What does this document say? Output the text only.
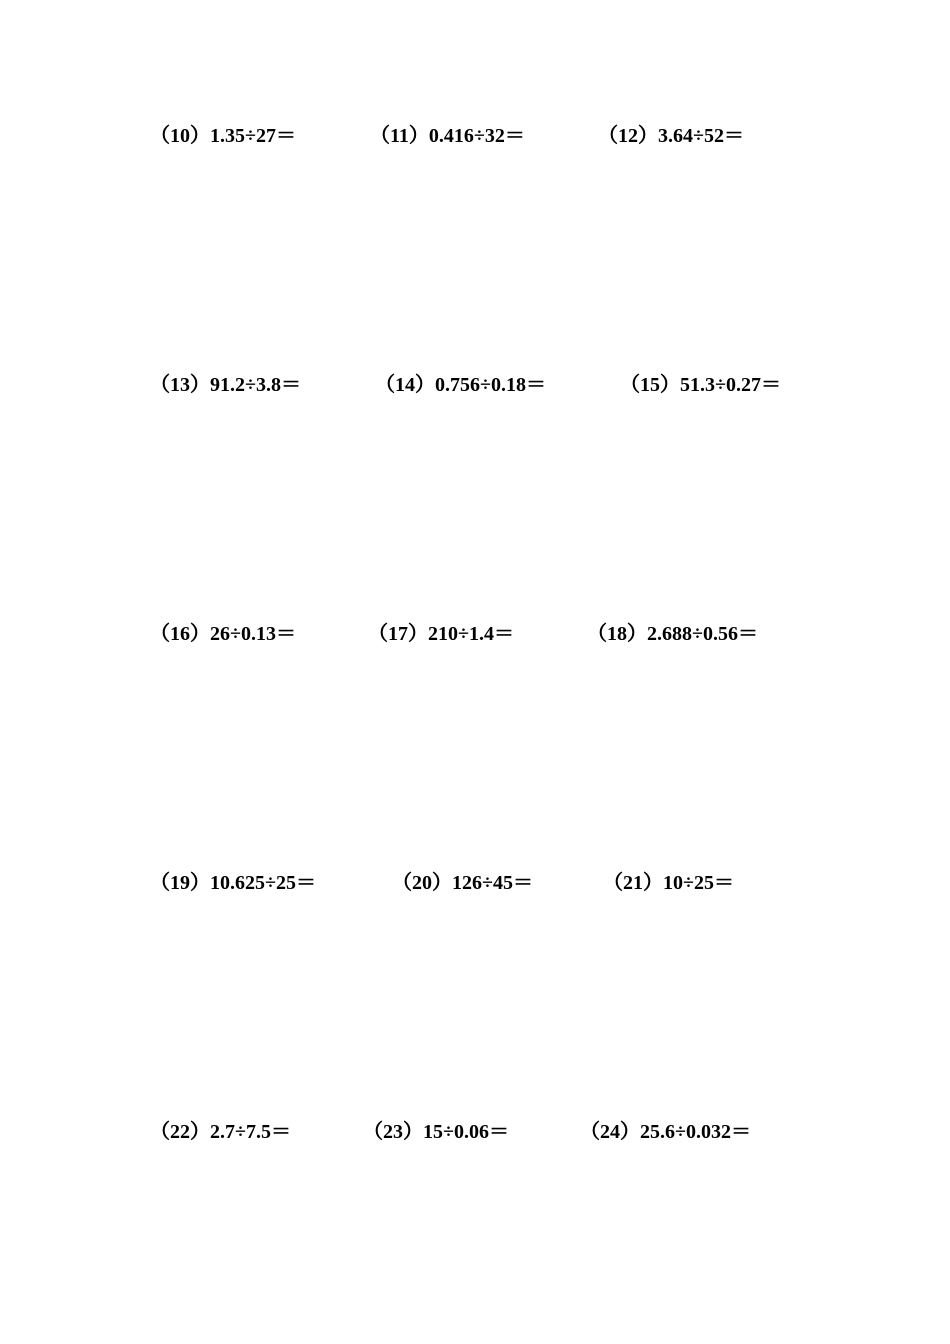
（10）1.35÷27＝	（11）0.416÷32＝	（12）3.64÷52＝
（13）91.2÷3.8＝	（14）0.756÷0.18＝	（15）51.3÷0.27＝
（16）26÷0.13＝	（17）210÷1.4＝	（18）2.688÷0.56＝
（19）10.625÷25＝	（20）126÷45＝	（21）10÷25＝
（22）2.7÷7.5＝	（23）15÷0.06＝	（24）25.6÷0.032＝
